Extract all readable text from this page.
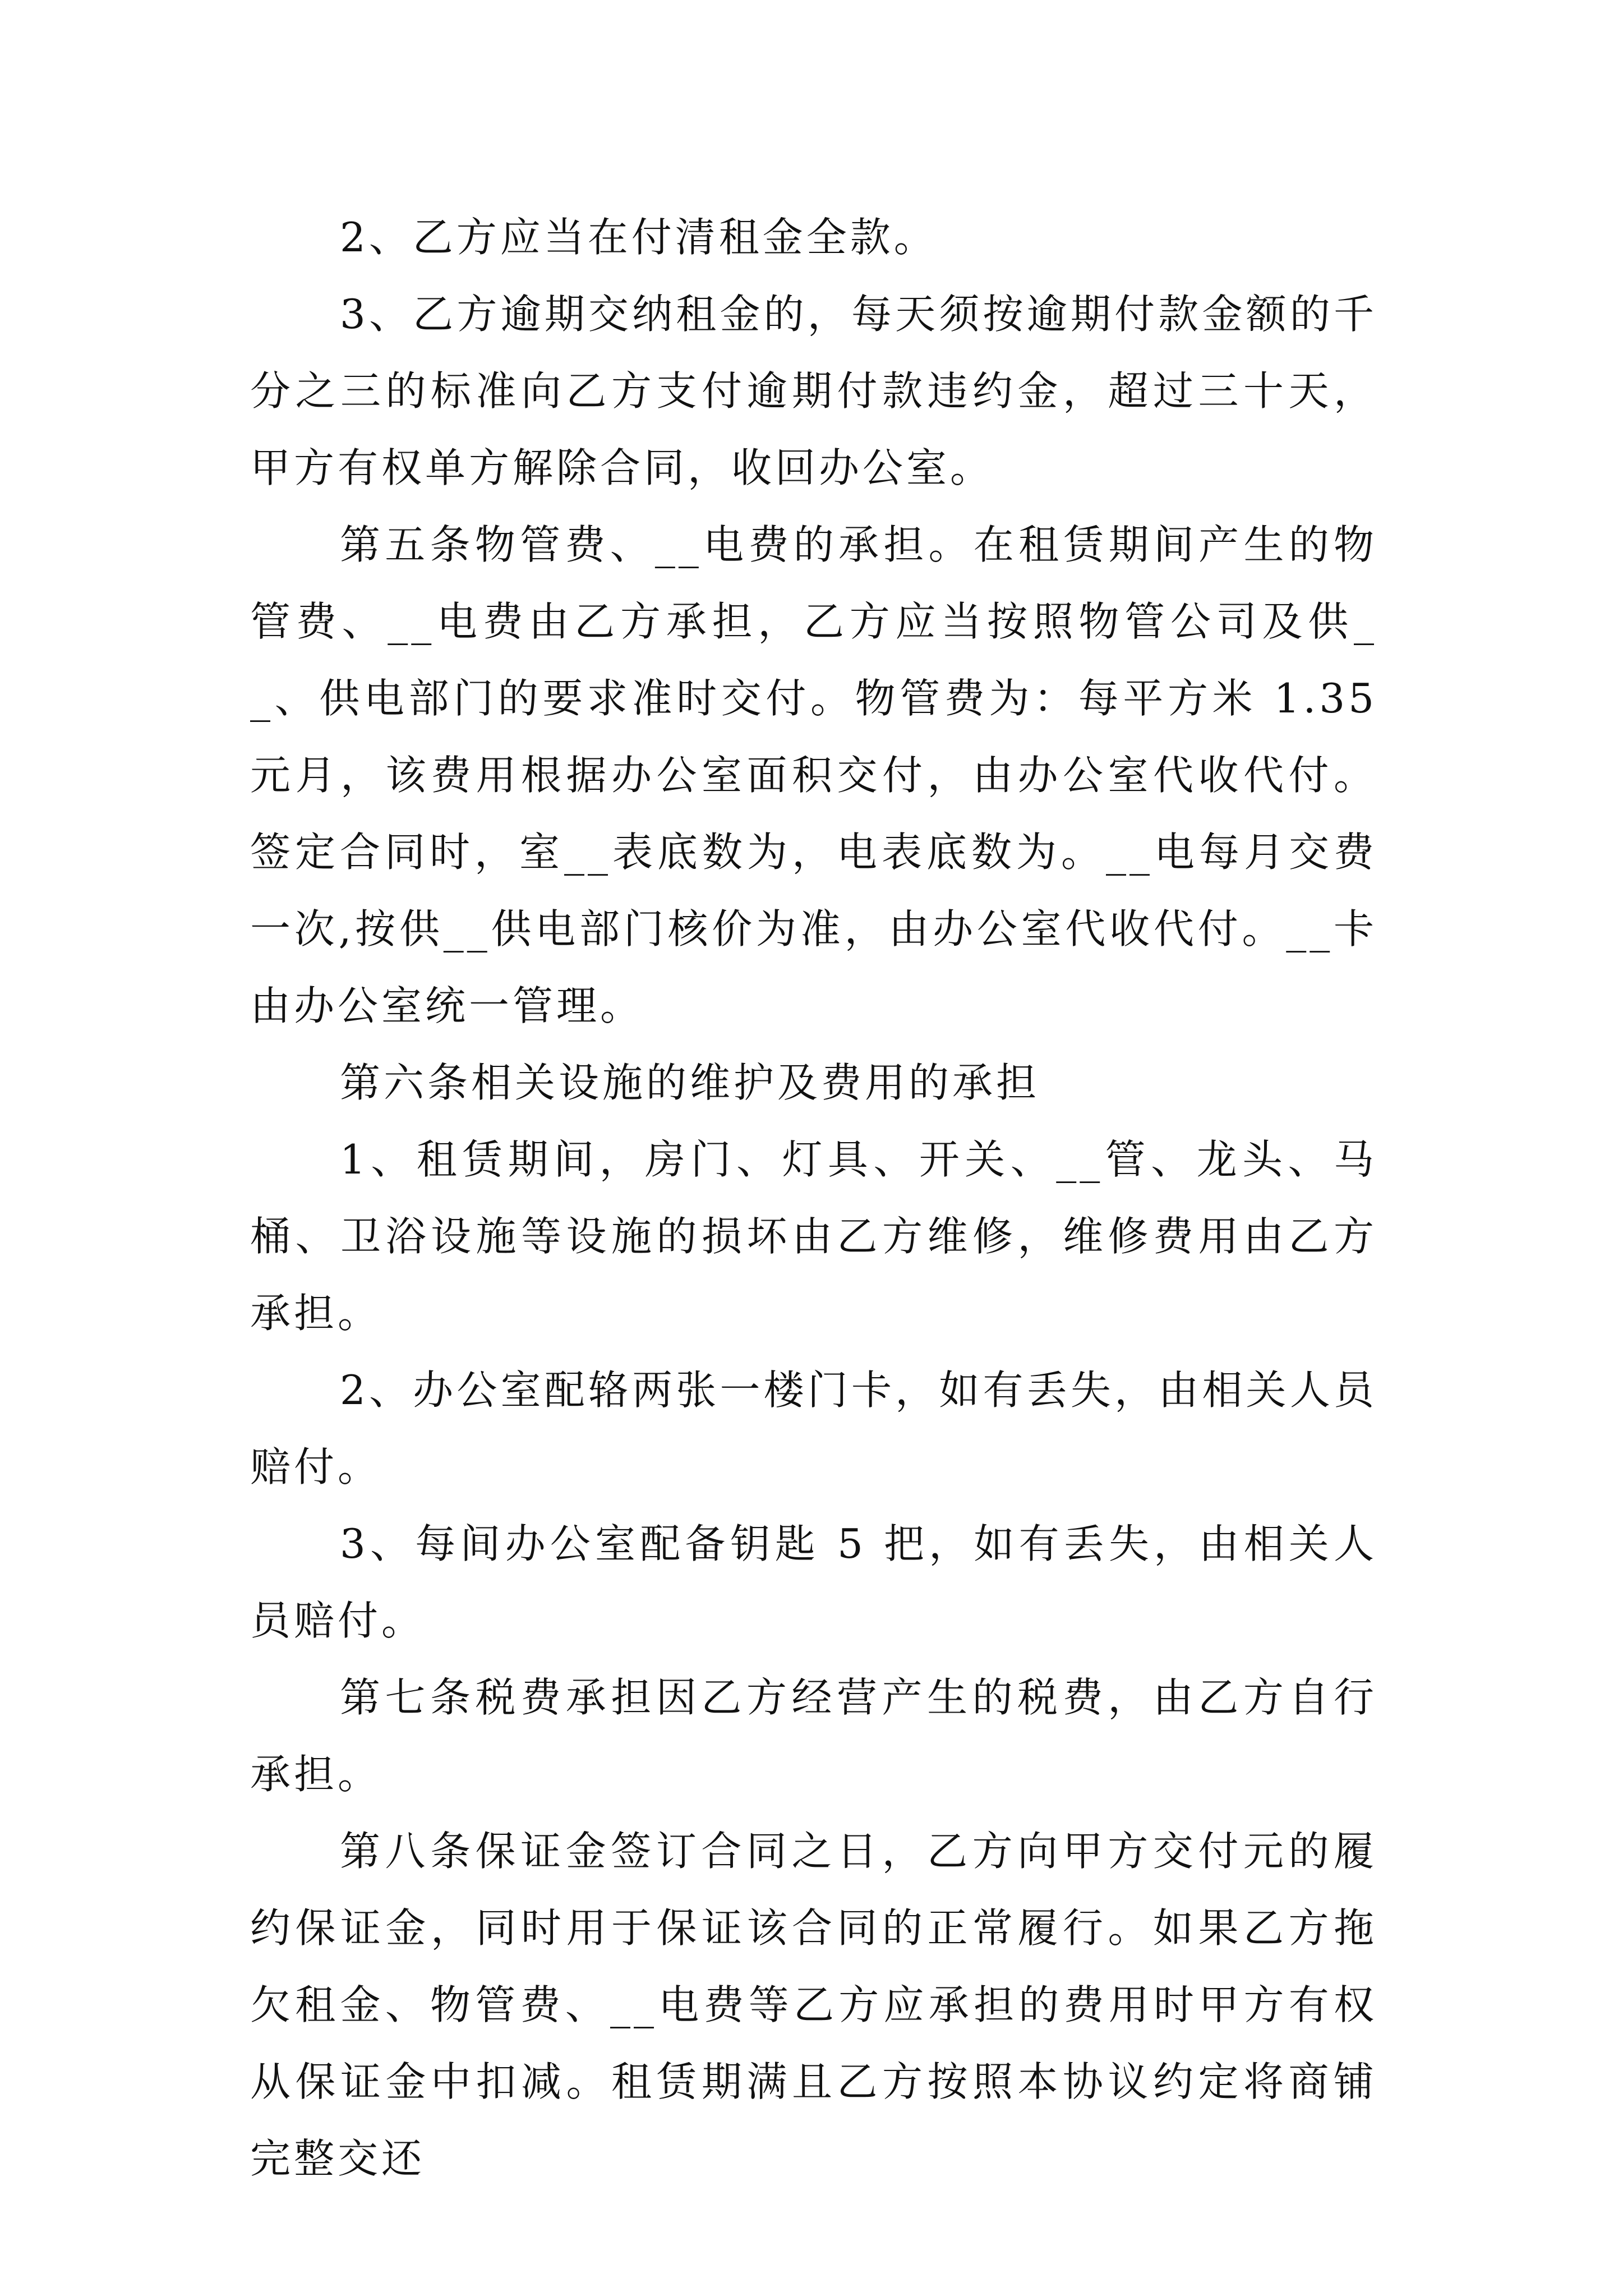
2、乙方应当在付清租金全款。

3、乙方逾期交纳租金的，每天须按逾期付款金额的千分之三的标准向乙方支付逾期付款违约金，超过三十天，甲方有权单方解除合同，收回办公室。

第五条物管费、__电费的承担。在租赁期间产生的物管费、__电费由乙方承担，乙方应当按照物管公司及供__、供电部门的要求准时交付。物管费为：每平方米 1.35 元月，该费用根据办公室面积交付，由办公室代收代付。签定合同时，室__表底数为，电表底数为。__电每月交费一次,按供__供电部门核价为准，由办公室代收代付。__卡由办公室统一管理。

第六条相关设施的维护及费用的承担

1、租赁期间，房门、灯具、开关、__管、龙头、马桶、卫浴设施等设施的损坏由乙方维修，维修费用由乙方承担。

2、办公室配辂两张一楼门卡，如有丢失，由相关人员赔付。

3、每间办公室配备钥匙 5 把，如有丢失，由相关人员赔付。

第七条税费承担因乙方经营产生的税费，由乙方自行承担。

第八条保证金签订合同之日，乙方向甲方交付元的履约保证金，同时用于保证该合同的正常履行。如果乙方拖欠租金、物管费、__电费等乙方应承担的费用时甲方有权从保证金中扣减。租赁期满且乙方按照本协议约定将商铺完整交还
